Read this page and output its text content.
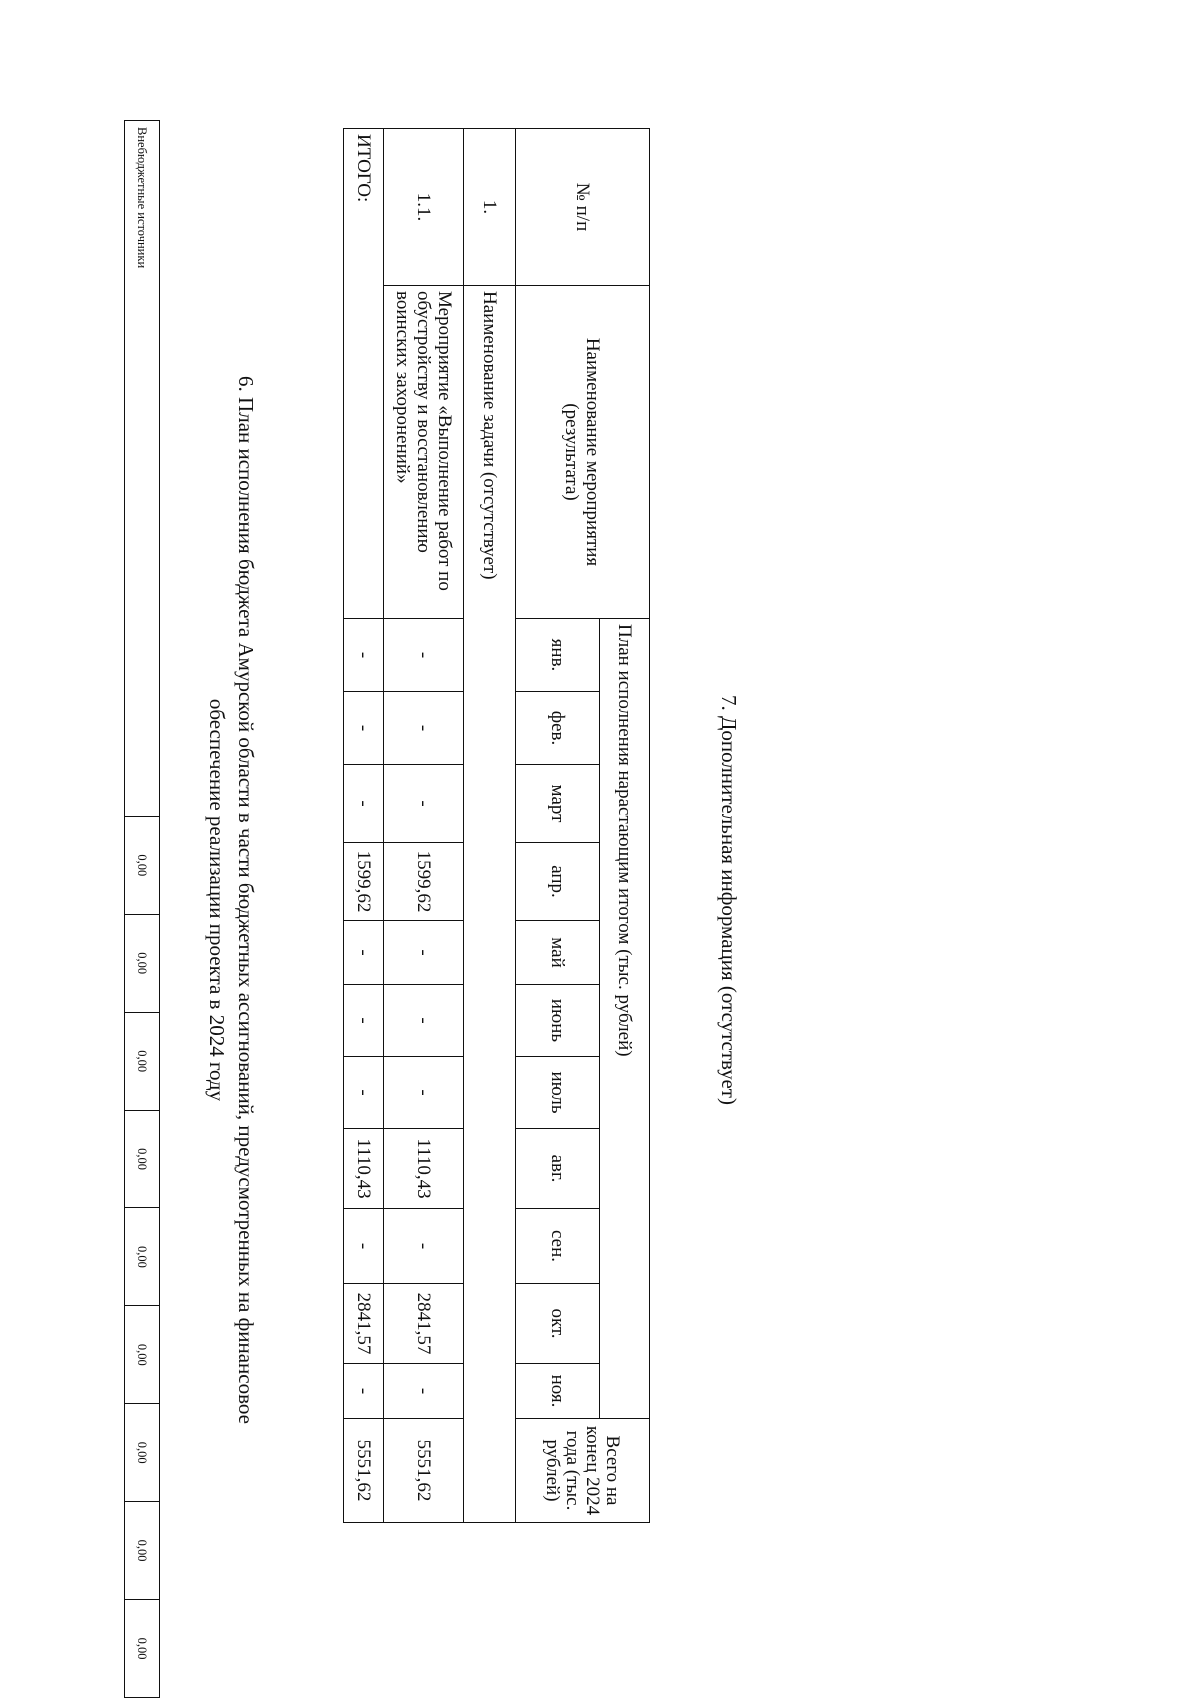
Внебюджетные источники	0,00	0,00	0,00	0,00	0,00	0,00	0,00	0,00	0,00
6. План исполнения бюджета Амурской области в части бюджетных ассигнований, предусмотренных на финансовое
обеспечение реализации проекта в 2024 году
№ п/п	Наименование мероприятия (результата)	План исполнения нарастающим итогом (тыс. рублей)											Всего на конец 2024 года (тыс. рублей)
		янв.	фев.	март	апр.	май	июнь	июль	авг.	сен.	окт.	ноя.	
1.	Наименование задачи (отсутствует)												
1.1.	Мероприятие «Выполнение работ по обустройству и восстановлению воинских захоронений»	-	-	-	1599,62	-	-	-	1110,43	-	2841,57	-	5551,62
ИТОГО:		-	-	-	1599,62	-	-	-	1110,43	-	2841,57	-	5551,62
7. Дополнительная информация (отсутствует)
